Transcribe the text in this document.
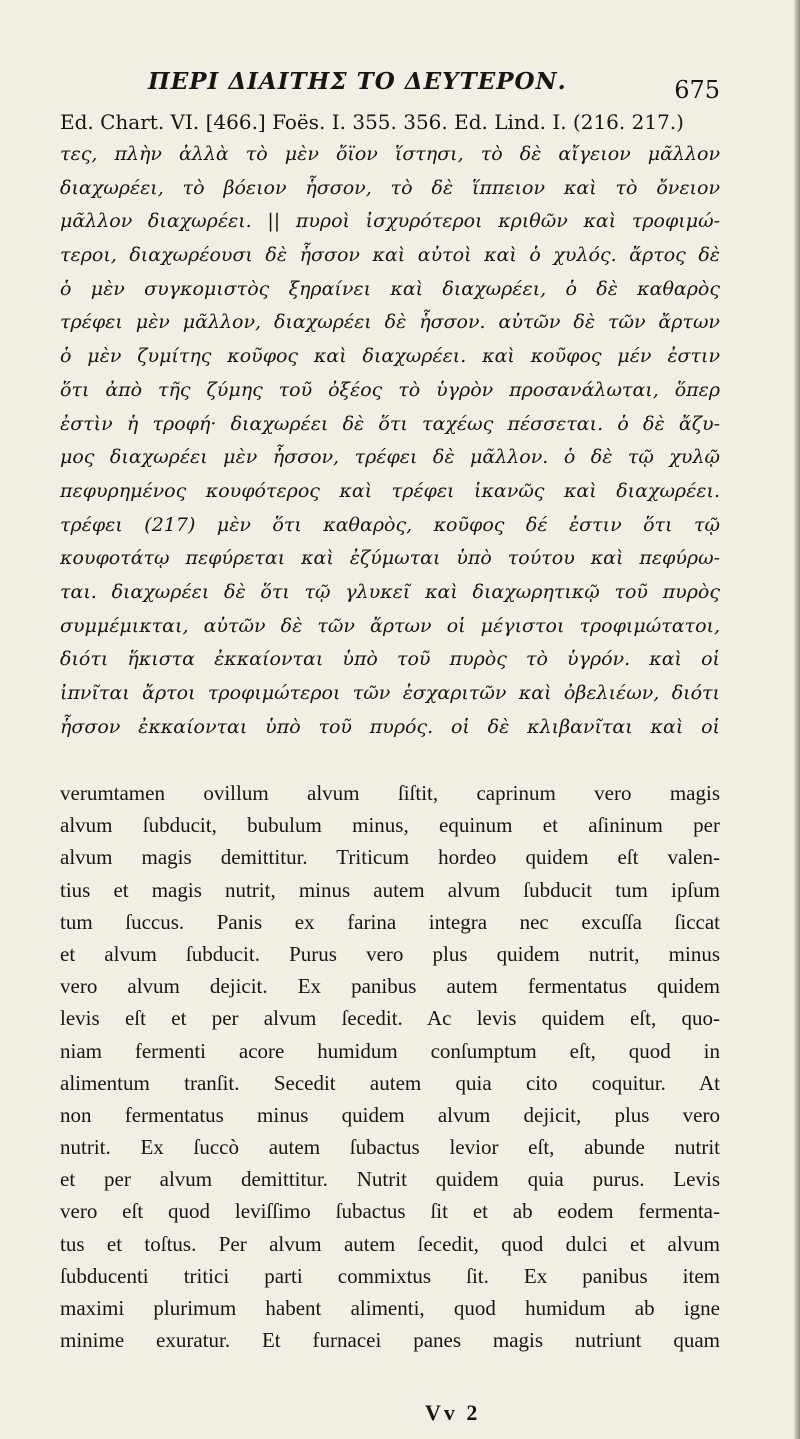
ΠΕΡΙ ΔΙΑΙΤΗΣ ΤΟ ΔΕΥΤΕΡΟΝ.	675
Ed. Chart. VI. [466.] Foës. I. 355. 356. Ed. Lind. I. (216. 217.)
τες, πλὴν ἀλλὰ τὸ μὲν ὄϊον ἵστησι, τὸ δὲ αἴγειον μᾶλλον
διαχωρέει, τὸ βόειον ἧσσον, τὸ δὲ ἵππειον καὶ τὸ ὄνειον
μᾶλλον διαχωρέει. || πυροὶ ἰσχυρότεροι κριθῶν καὶ τροφιμώ-
τεροι, διαχωρέουσι δὲ ἧσσον καὶ αὐτοὶ καὶ ὁ χυλός. ἄρτος δὲ
ὁ μὲν συγκομιστὸς ξηραίνει καὶ διαχωρέει, ὁ δὲ καθαρὸς
τρέφει μὲν μᾶλλον, διαχωρέει δὲ ἧσσον. αὐτῶν δὲ τῶν ἄρτων
ὁ μὲν ζυμίτης κοῦφος καὶ διαχωρέει. καὶ κοῦφος μέν ἐστιν
ὅτι ἀπὸ τῆς ζύμης τοῦ ὀξέος τὸ ὑγρὸν προσανάλωται, ὅπερ
ἐστὶν ἡ τροφή· διαχωρέει δὲ ὅτι ταχέως πέσσεται. ὁ δὲ ἄζυ-
μος διαχωρέει μὲν ἧσσον, τρέφει δὲ μᾶλλον. ὁ δὲ τῷ χυλῷ
πεφυρημένος κουφότερος καὶ τρέφει ἱκανῶς καὶ διαχωρέει.
τρέφει (217) μὲν ὅτι καθαρὸς, κοῦφος δέ ἐστιν ὅτι τῷ
κουφοτάτῳ πεφύρεται καὶ ἐζύμωται ὑπὸ τούτου καὶ πεφύρω-
ται. διαχωρέει δὲ ὅτι τῷ γλυκεῖ καὶ διαχωρητικῷ τοῦ πυρὸς
συμμέμικται, αὐτῶν δὲ τῶν ἄρτων οἱ μέγιστοι τροφιμώτατοι,
διότι ἥκιστα ἐκκαίονται ὑπὸ τοῦ πυρὸς τὸ ὑγρόν. καὶ οἱ
ἰπνῖται ἄρτοι τροφιμώτεροι τῶν ἐσχαριτῶν καὶ ὀβελιέων, διότι
ἧσσον ἐκκαίονται ὑπὸ τοῦ πυρός. οἱ δὲ κλιβανῖται καὶ οἱ
verumtamen ovillum alvum ſiſtit, caprinum vero magis
alvum ſubducit, bubulum minus, equinum et aſininum per
alvum magis demittitur. Triticum hordeo quidem eſt valen-
tius et magis nutrit, minus autem alvum ſubducit tum ipſum
tum ſuccus. Panis ex farina integra nec excuſſa ſiccat
et alvum ſubducit. Purus vero plus quidem nutrit, minus
vero alvum dejicit. Ex panibus autem fermentatus quidem
levis eſt et per alvum ſecedit. Ac levis quidem eſt, quo-
niam fermenti acore humidum conſumptum eſt, quod in
alimentum tranſit. Secedit autem quia cito coquitur. At
non fermentatus minus quidem alvum dejicit, plus vero
nutrit. Ex ſuccò autem ſubactus levior eſt, abunde nutrit
et per alvum demittitur. Nutrit quidem quia purus. Levis
vero eſt quod leviſſimo ſubactus ſit et ab eodem fermenta-
tus et toſtus. Per alvum autem ſecedit, quod dulci et alvum
ſubducenti tritici parti commixtus ſit. Ex panibus item
maximi plurimum habent alimenti, quod humidum ab igne
minime exuratur. Et furnacei panes magis nutriunt quam
Vv 2
